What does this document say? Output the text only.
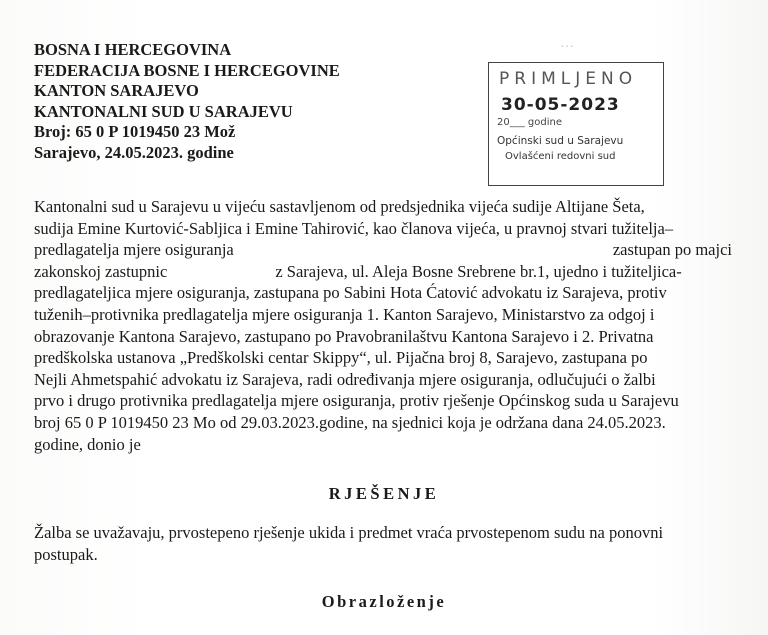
…
BOSNA I HERCEGOVINA
FEDERACIJA BOSNE I HERCEGOVINE
KANTON SARAJEVO
KANTONALNI SUD U SARAJEVU
Broj: 65 0 P 1019450 23 Mož
Sarajevo, 24.05.2023. godine
PRIMLJENO
30-05-2023
20___ godine
Općinski sud u Sarajevu
Ovlašćeni redovni sud
Kantonalni sud u Sarajevu u vijeću sastavljenom od predsjednika vijeća sudije Altijane Šeta,
sudija Emine Kurtović-Sabljica i Emine Tahirović, kao članova vijeća, u pravnoj stvari tužitelja–
predlagatelja mjere osiguranja	zastupan po majci
zakonskoj zastupnic	z Sarajeva, ul. Aleja Bosne Srebrene br.1, ujedno i tužiteljica-
predlagateljica mjere osiguranja, zastupana po Sabini Hota Ćatović advokatu iz Sarajeva, protiv
tuženih–protivnika predlagatelja mjere osiguranja 1. Kanton Sarajevo, Ministarstvo za odgoj i
obrazovanje Kantona Sarajevo, zastupano po Pravobranilaštvu Kantona Sarajevo i 2. Privatna
predškolska ustanova „Predškolski centar Skippy“, ul. Pijačna broj 8, Sarajevo, zastupana po
Nejli Ahmetspahić advokatu iz Sarajeva, radi određivanja mjere osiguranja, odlučujući o žalbi
prvo i drugo protivnika predlagatelja mjere osiguranja, protiv rješenje Općinskog suda u Sarajevu
broj 65 0 P 1019450 23 Mo od 29.03.2023.godine, na sjednici koja je održana dana 24.05.2023.
godine, donio je
RJEŠENJE
Žalba se uvažavaju, prvostepeno rješenje ukida i predmet vraća prvostepenom sudu na ponovni
postupak.
Obrazloženje
